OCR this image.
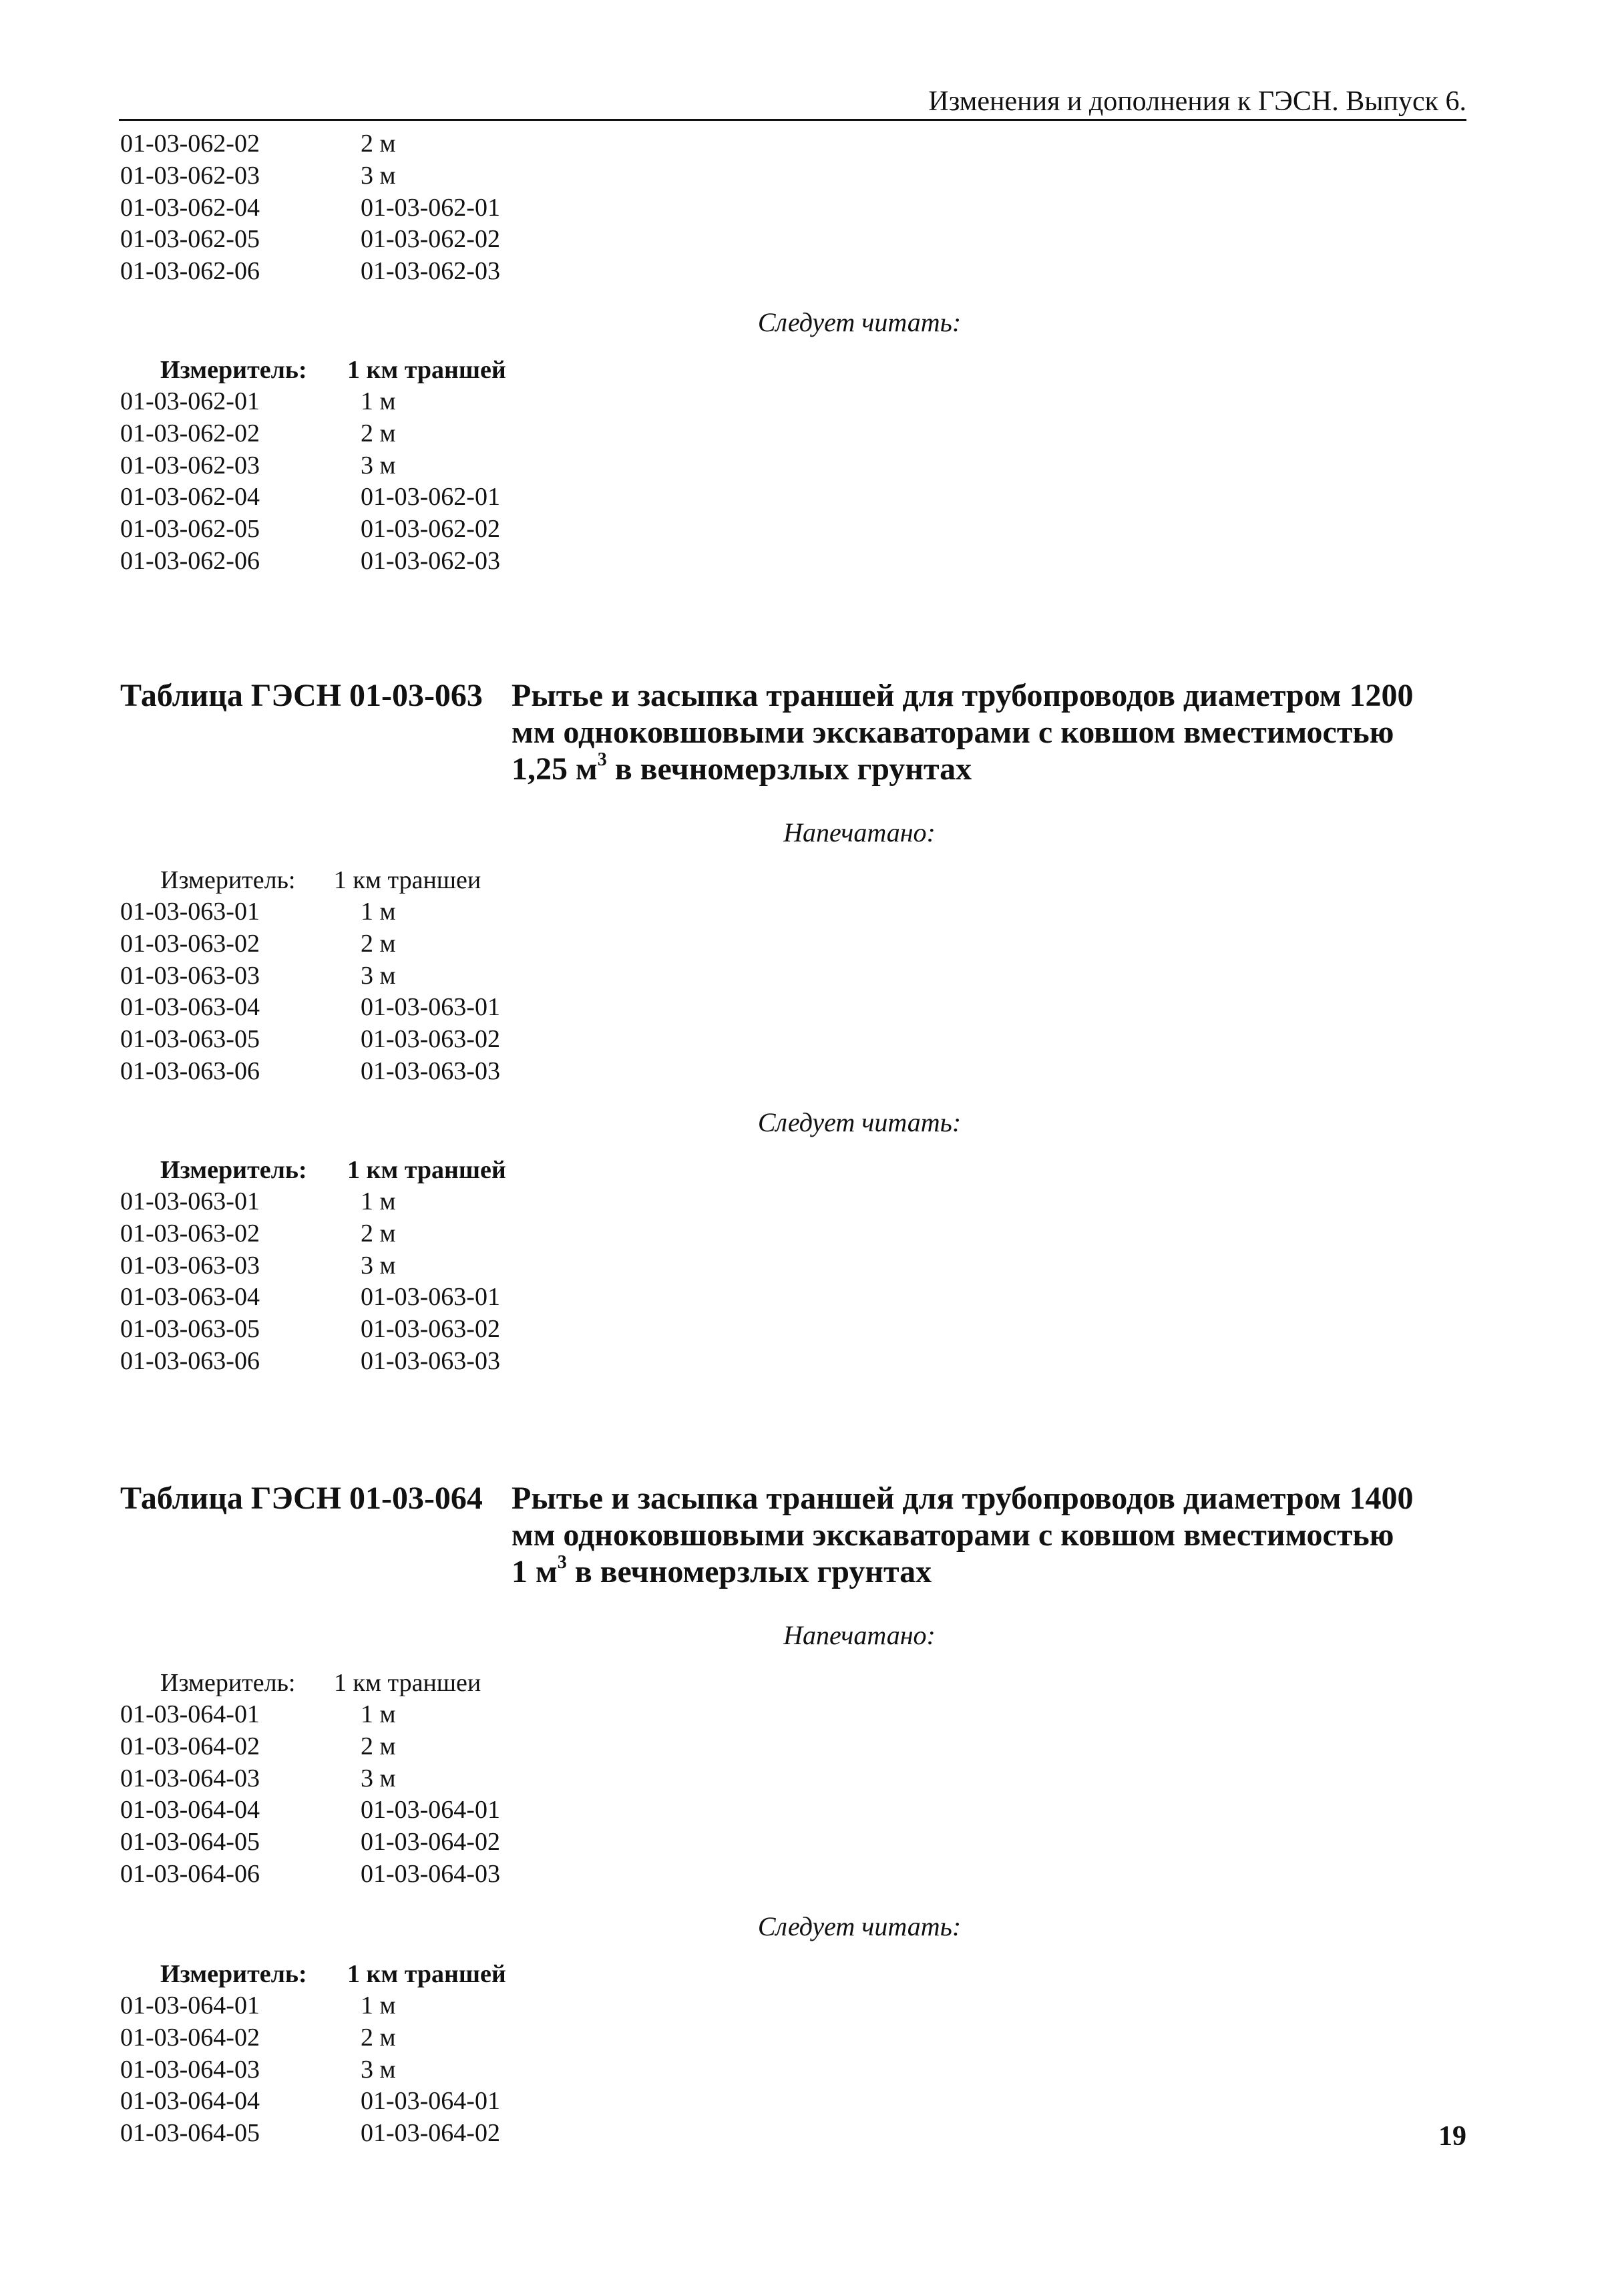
Изменения и дополнения к ГЭСН. Выпуск 6.
01-03-062-02	2 м
01-03-062-03	3 м
01-03-062-04	01-03-062-01
01-03-062-05	01-03-062-02
01-03-062-06	01-03-062-03
Следует читать:
Измеритель: 1 км траншей
01-03-062-01	1 м
01-03-062-02	2 м
01-03-062-03	3 м
01-03-062-04	01-03-062-01
01-03-062-05	01-03-062-02
01-03-062-06	01-03-062-03
Таблица ГЭСН 01-03-063 Рытье и засыпка траншей для трубопроводов диаметром 1200
мм одноковшовыми экскаваторами с ковшом вместимостью
1,25 $м^3$ в вечномерзлых грунтах
Напечатано:
Измеритель: 1 км траншеи
01-03-063-01	1 м
01-03-063-02	2 м
01-03-063-03	3 м
01-03-063-04	01-03-063-01
01-03-063-05	01-03-063-02
01-03-063-06	01-03-063-03
Следует читать:
Измеритель: 1 км траншей
01-03-063-01	1 м
01-03-063-02	2 м
01-03-063-03	3 м
01-03-063-04	01-03-063-01
01-03-063-05	01-03-063-02
01-03-063-06	01-03-063-03
Таблица ГЭСН 01-03-064 Рытье и засыпка траншей для трубопроводов диаметром 1400
мм одноковшовыми экскаваторами с ковшом вместимостью
1 $м^3$ в вечномерзлых грунтах
Напечатано:
Измеритель: 1 км траншеи
01-03-064-01	1 м
01-03-064-02	2 м
01-03-064-03	3 м
01-03-064-04	01-03-064-01
01-03-064-05	01-03-064-02
01-03-064-06	01-03-064-03
Следует читать:
Измеритель: 1 км траншей
01-03-064-01	1 м
01-03-064-02	2 м
01-03-064-03	3 м
01-03-064-04	01-03-064-01
01-03-064-05	01-03-064-02	19
